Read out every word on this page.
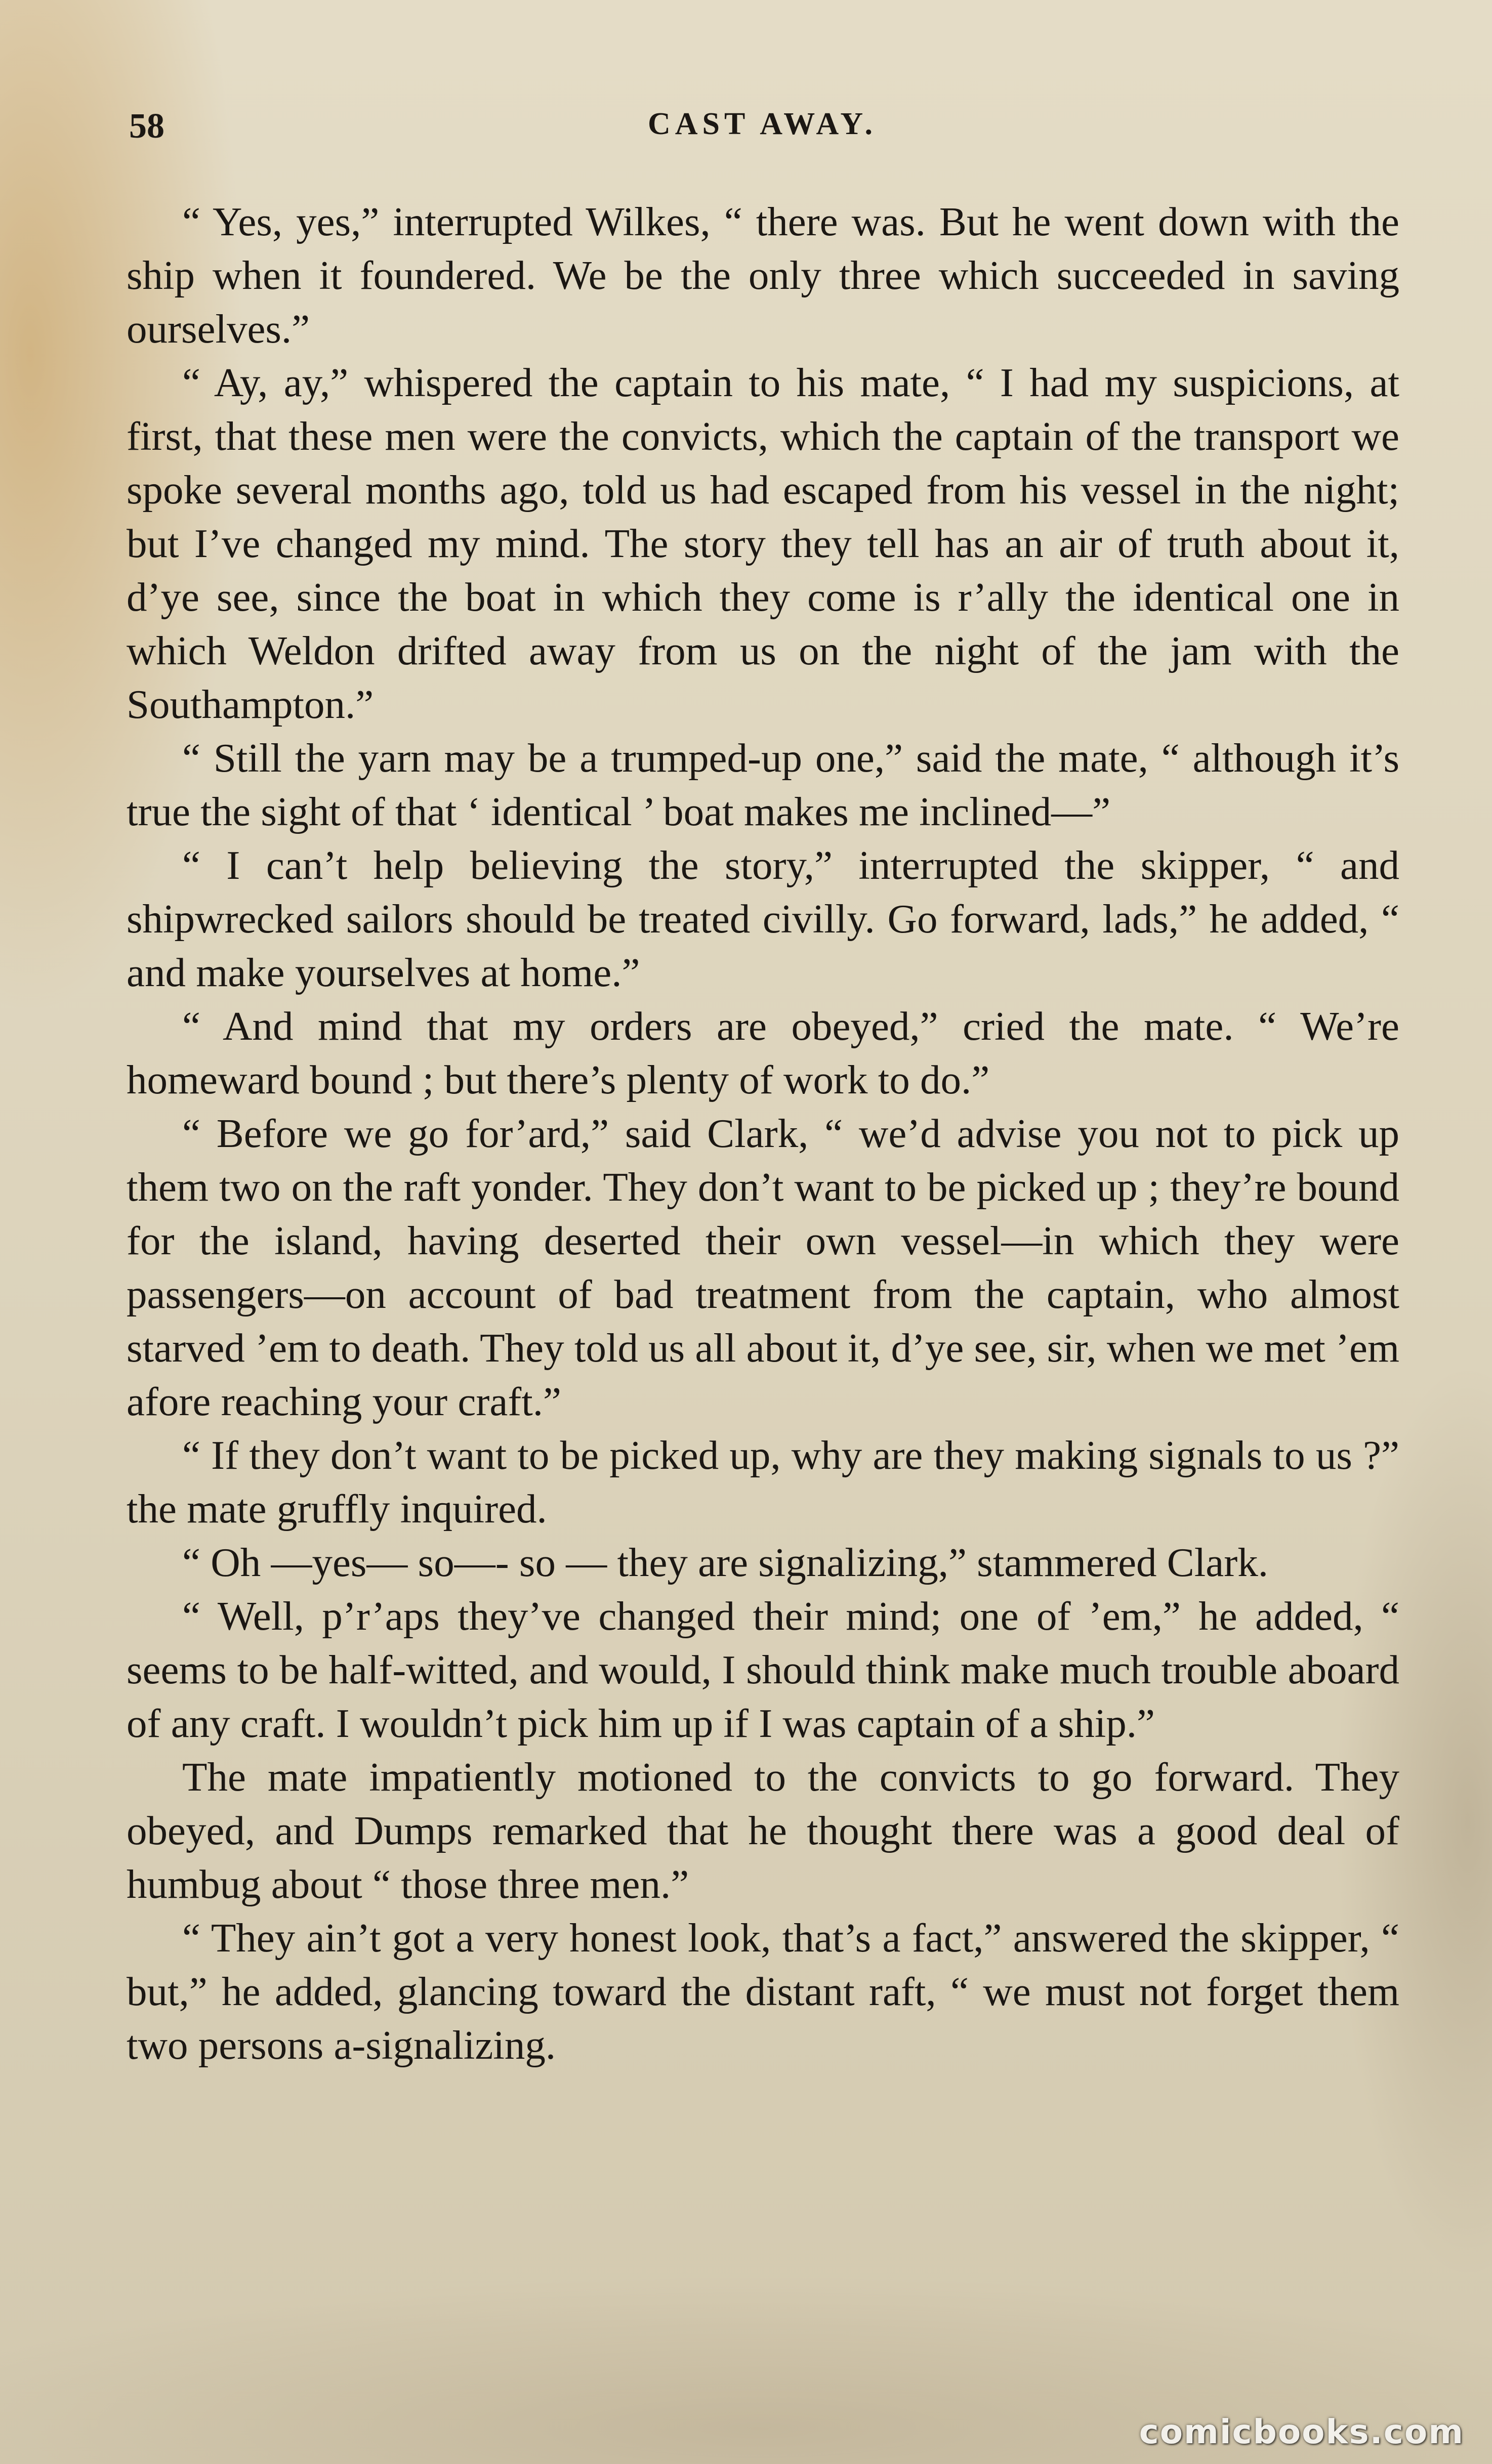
58	CAST AWAY.

“ Yes, yes,” interrupted Wilkes, “ there was. But he went down with the ship when it foundered. We be the only three which succeeded in saving ourselves.”

“ Ay, ay,” whispered the captain to his mate, “ I had my suspicions, at first, that these men were the convicts, which the captain of the transport we spoke several months ago, told us had escaped from his vessel in the night; but I’ve changed my mind. The story they tell has an air of truth about it, d’ye see, since the boat in which they come is r’ally the identical one in which Weldon drifted away from us on the night of the jam with the Southampton.”

“ Still the yarn may be a trumped-up one,” said the mate, “ although it’s true the sight of that ‘ identical ’ boat makes me inclined—”

“ I can’t help believing the story,” interrupted the skipper, “ and shipwrecked sailors should be treated civilly. Go forward, lads,” he added, “ and make yourselves at home.”

“ And mind that my orders are obeyed,” cried the mate. “ We’re homeward bound ; but there’s plenty of work to do.”

“ Before we go for’ard,” said Clark, “ we’d advise you not to pick up them two on the raft yonder. They don’t want to be picked up ; they’re bound for the island, having deserted their own vessel—in which they were passengers—on account of bad treatment from the captain, who almost starved ’em to death. They told us all about it, d’ye see, sir, when we met ’em afore reaching your craft.”

“ If they don’t want to be picked up, why are they making signals to us ?” the mate gruffly inquired.

“ Oh —yes— so—- so — they are signalizing,” stammered Clark.

“ Well, p’r’aps they’ve changed their mind; one of ’em,” he added, “ seems to be half-witted, and would, I should think make much trouble aboard of any craft. I wouldn’t pick him up if I was captain of a ship.”

The mate impatiently motioned to the convicts to go forward. They obeyed, and Dumps remarked that he thought there was a good deal of humbug about “ those three men.”

“ They ain’t got a very honest look, that’s a fact,” answered the skipper, “ but,” he added, glancing toward the distant raft, “ we must not forget them two persons a-signalizing.

comicbooks.com
